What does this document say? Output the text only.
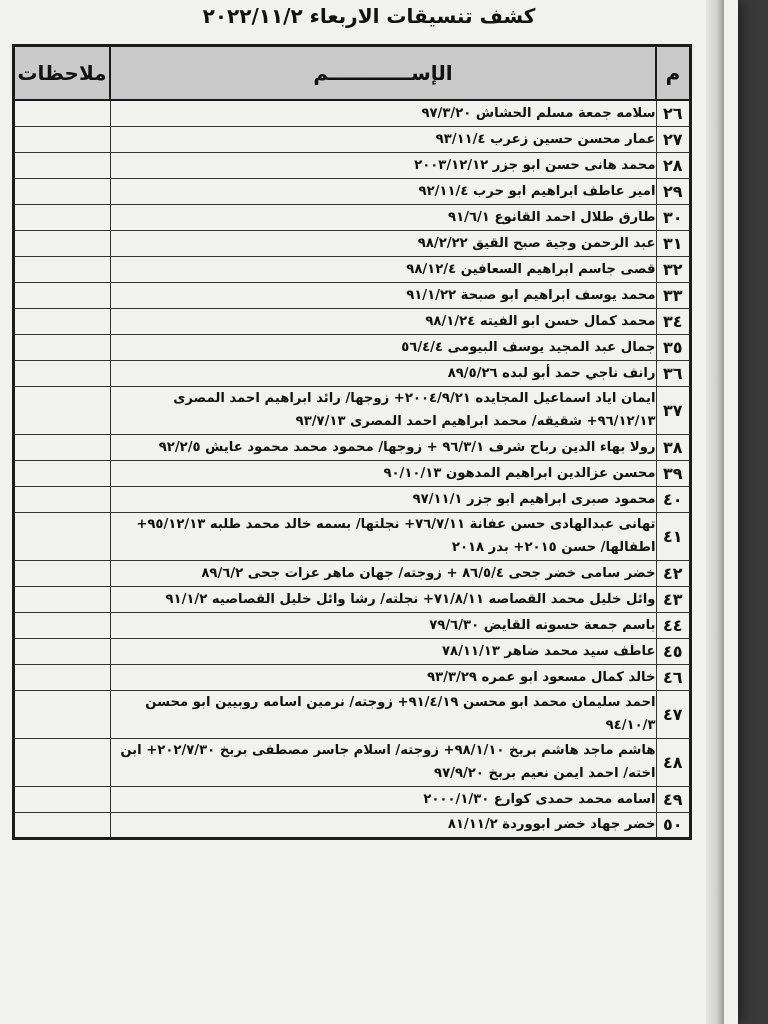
كشف تنسيقات الاربعاء ٢٠٢٢/١١/٢
م	الإســــــــــــم	ملاحظات
٢٦	سلامه جمعة مسلم الحشاش ٩٧/٣/٢٠	
٢٧	عمار محسن حسين زعرب ٩٣/١١/٤	
٢٨	محمد هانى حسن ابو جزر ٢٠٠٣/١٢/١٢	
٢٩	امير عاطف ابراهيم ابو حرب ٩٢/١١/٤	
٣٠	طارق طلال احمد القانوع ٩١/٦/١	
٣١	عبد الرحمن وجية صبح القيق ٩٨/٢/٢٢	
٣٢	قصى جاسم ابراهيم السعافين ٩٨/١٢/٤	
٣٣	محمد يوسف ابراهيم ابو صبحة ٩١/١/٢٢	
٣٤	محمد كمال حسن ابو الفيته ٩٨/١/٢٤	
٣٥	جمال عبد المجيد يوسف البيومى ٥٦/٤/٤	
٣٦	رانف ناجي حمد أبو لبده ٨٩/٥/٢٦	
٣٧	ايمان اياد اسماعيل المجايده ٢٠٠٤/٩/٢١+ زوجها/ رائد ابراهيم احمد المصرى ٩٦/١٢/١٣+ شقيقه/ محمد ابراهيم احمد المصرى ٩٣/٧/١٣	
٣٨	رولا بهاء الدين رباح شرف ٩٦/٣/١ + زوجها/ محمود محمد محمود عايش ٩٢/٢/٥	
٣٩	محسن عزالدين ابراهيم المدهون ٩٠/١٠/١٣	
٤٠	محمود صبرى ابراهيم ابو جزر ٩٧/١١/١	
٤١	تهانى عبدالهادى حسن عفانة ٧٦/٧/١١+ نجلتها/ بسمه خالد محمد طلبه ٩٥/١٢/١٣+ اطفالها/ حسن ٢٠١٥+ بدر ٢٠١٨	
٤٢	خضر سامى خضر جحى ٨٦/٥/٤ + زوجته/ جهان ماهر عزات جحى ٨٩/٦/٢	
٤٣	وائل خليل محمد القصاصه ٧١/٨/١١+ نجلته/ رشا وائل خليل القصاصيه ٩١/١/٢	
٤٤	باسم جمعة حسونه القايض ٧٩/٦/٣٠	
٤٥	عاطف سيد محمد ضاهر ٧٨/١١/١٣	
٤٦	خالد كمال مسعود ابو عمره ٩٣/٣/٢٩	
٤٧	احمد سليمان محمد ابو محسن ٩١/٤/١٩+ زوجته/ نرمين اسامه روبيين ابو محسن ٩٤/١٠/٣	
٤٨	هاشم ماجد هاشم بربخ ٩٨/١/١٠+ زوجته/ اسلام جاسر مصطفى بربخ ٢٠٢/٧/٣٠+ ابن اخته/ احمد ايمن نعيم بربخ ٩٧/٩/٢٠	
٤٩	اسامه محمد حمدى كوارع ٢٠٠٠/١/٣٠	
٥٠	خضر جهاد خضر ابووردة ٨١/١١/٢	
